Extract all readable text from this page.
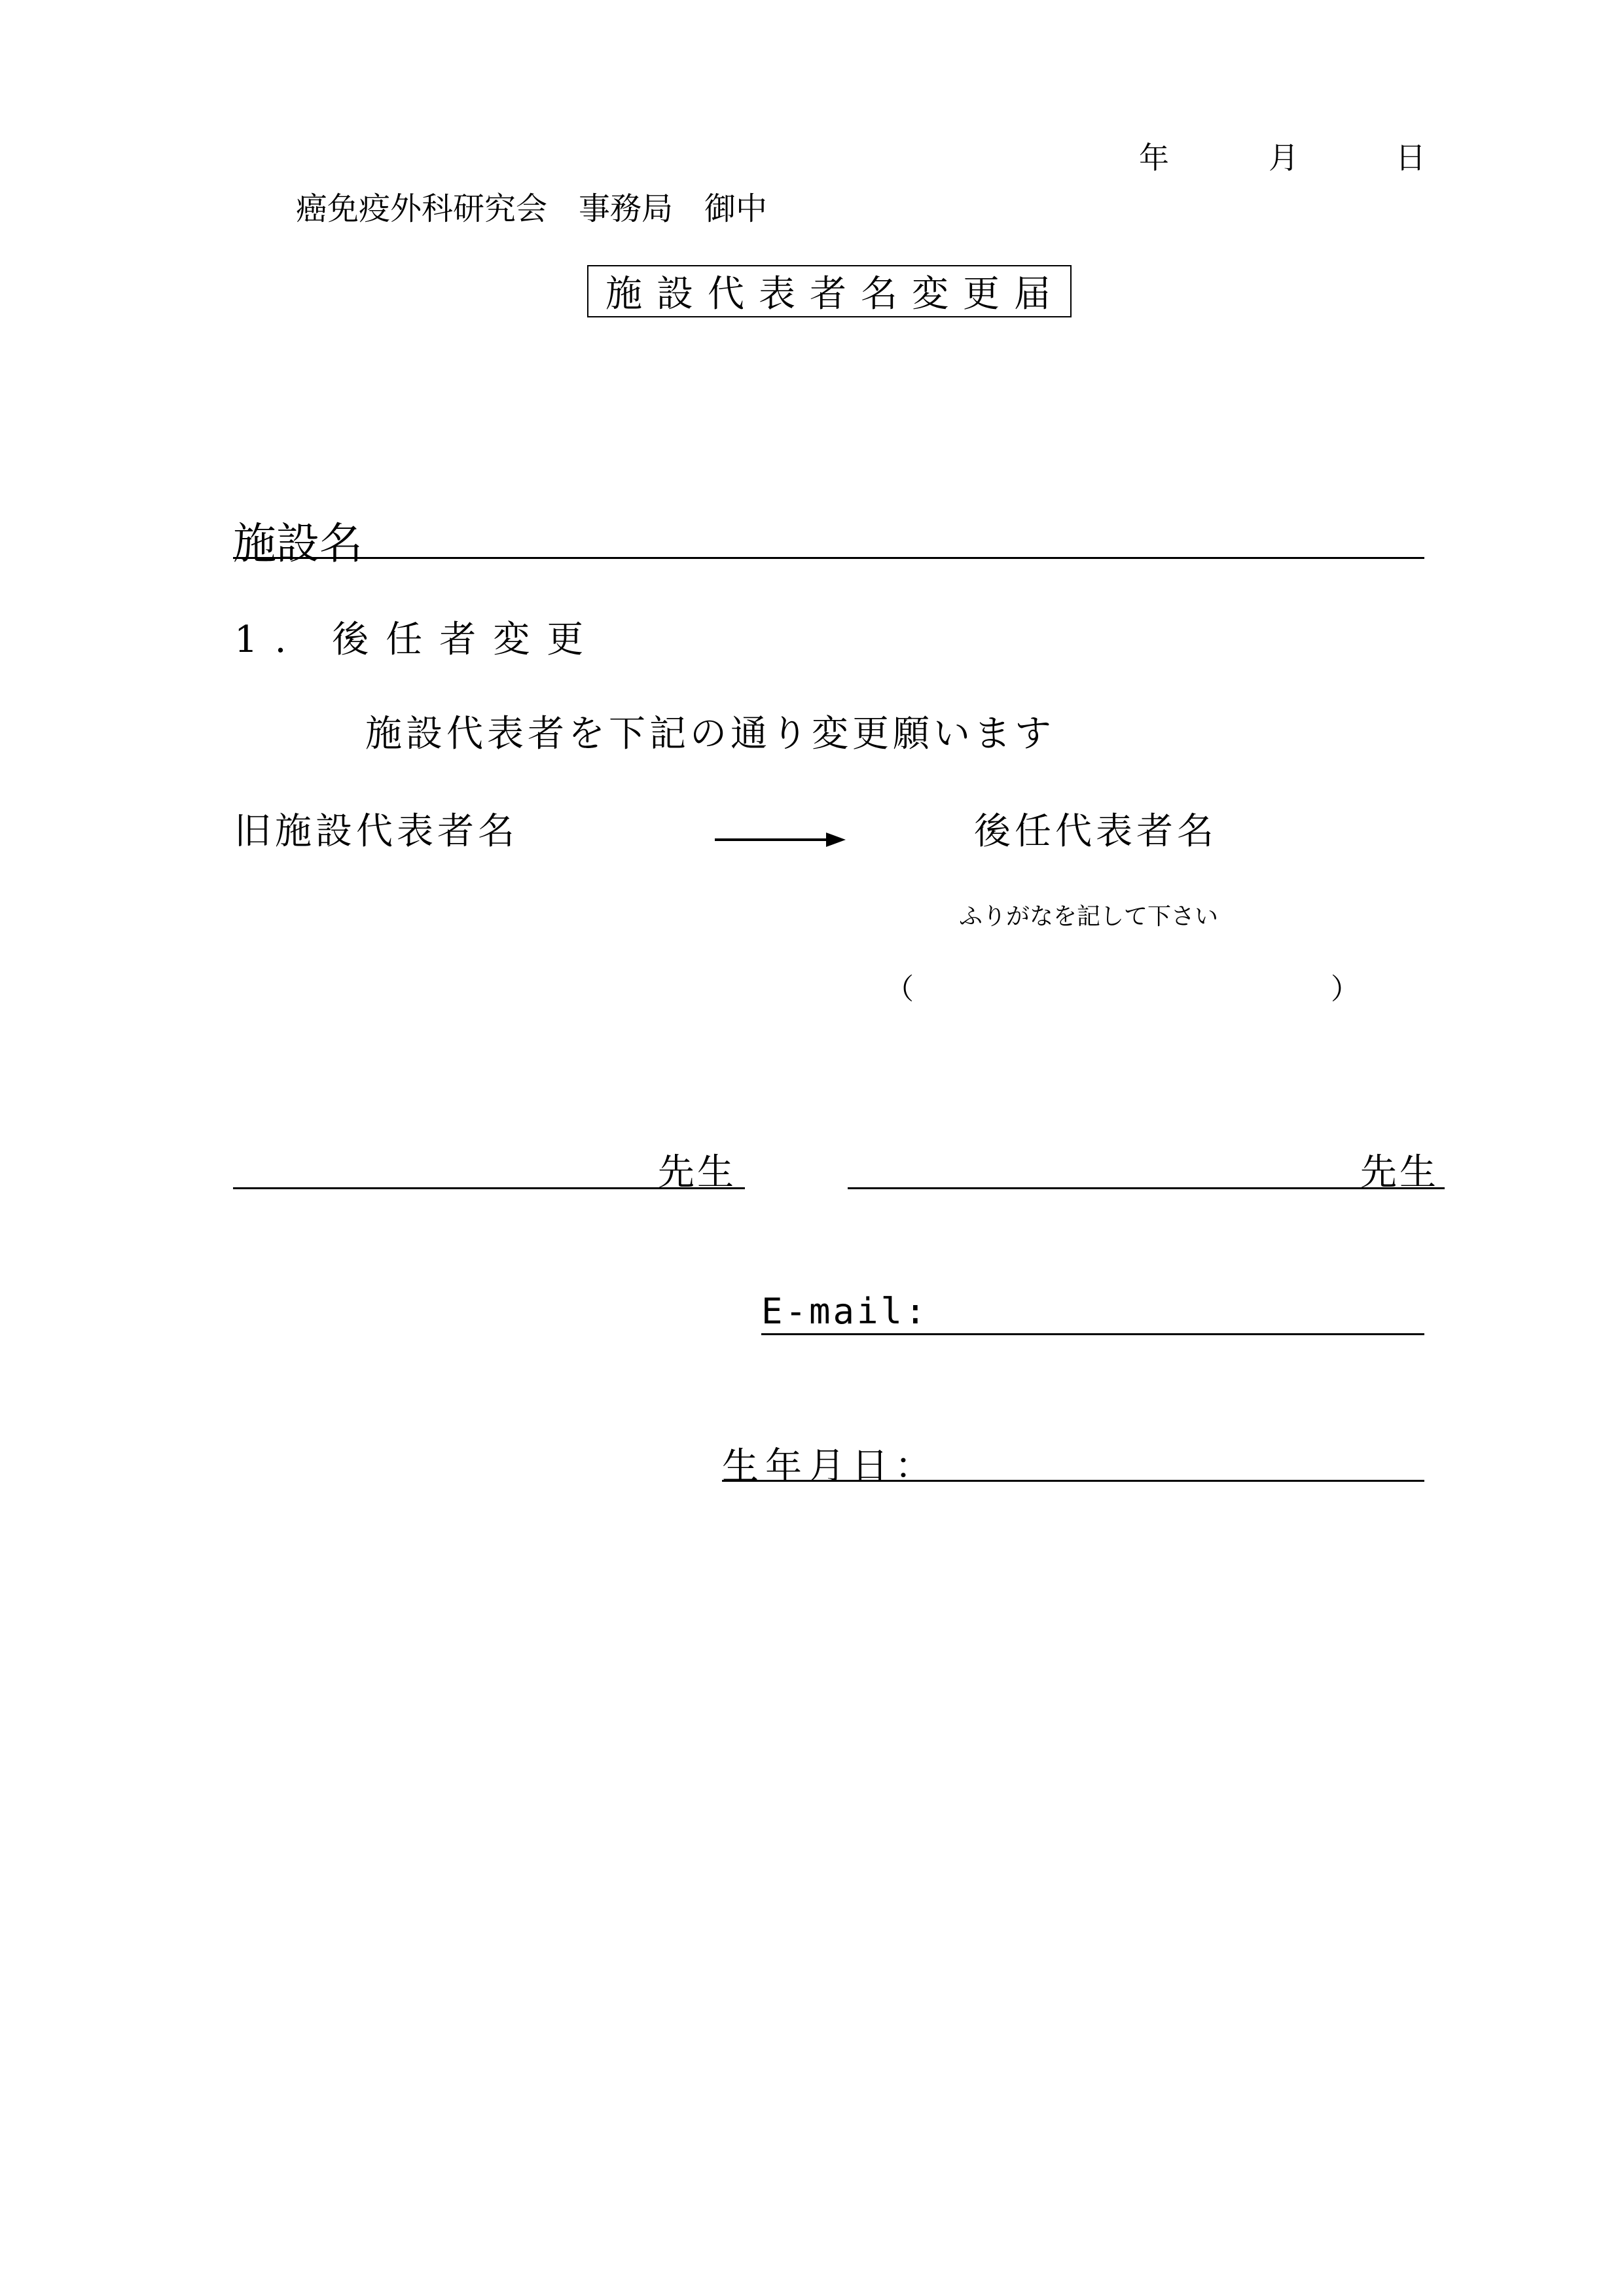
年	月	日
癌免疫外科研究会　事務局　御中
施設代表者名変更届
施設名
1. 後任者変更
施設代表者を下記の通り変更願います
旧施設代表者名	後任代表者名
ふりがなを記して下さい
（	）
先生	先生
E-mail:
生年月日：
